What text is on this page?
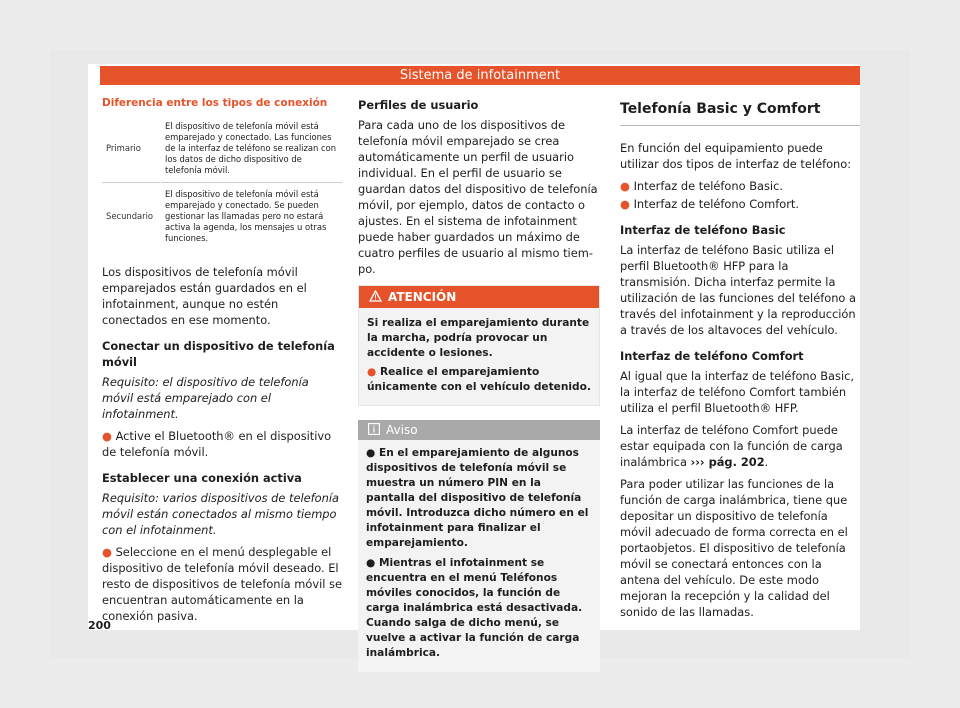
Sistema de infotainment
Diferencia entre los tipos de conexión
Primario	El dispositivo de telefonía móvil está emparejado y conectado. Las funciones de la interfaz de teléfono se realizan con los datos de dicho dispositivo de telefonía móvil.
Secundario	El dispositivo de telefonía móvil está emparejado y conectado. Se pueden gestionar las llamadas pero no estará activa la agenda, los mensajes u otras funciones.

Los dispositivos de telefonía móvil emparejados están guardados en el infotainment, aunque no estén conectados en ese momento.

Conectar un dispositivo de telefonía móvil

Requisito: el dispositivo de telefonía móvil está emparejado con el infotainment.

● Active el Bluetooth® en el dispositivo de telefonía móvil.

Establecer una conexión activa

Requisito: varios dispositivos de telefonía móvil están conectados al mismo tiempo con el infotainment.

● Seleccione en el menú desplegable el dispositivo de telefonía móvil deseado. El resto de dispositivos de telefonía móvil se encuentran automáticamente en la conexión pasiva.

Perfiles de usuario

Para cada uno de los dispositivos de telefonía móvil emparejado se crea automáticamente un perfil de usuario individual. En el perfil de usuario se guardan datos del dispositivo de telefonía móvil, por ejemplo, datos de contacto o ajustes. En el sistema de infotainment puede haber guardados un máximo de cuatro perfiles de usuario al mismo tiempo.

ATENCIÓN

Si realiza el emparejamiento durante la marcha, podría provocar un accidente o lesiones.

● Realice el emparejamiento únicamente con el vehículo detenido.

Aviso

● En el emparejamiento de algunos dispositivos de telefonía móvil se muestra un número PIN en la pantalla del dispositivo de telefonía móvil. Introduzca dicho número en el infotainment para finalizar el emparejamiento.

● Mientras el infotainment se encuentra en el menú Teléfonos móviles conocidos, la función de carga inalámbrica está desactivada. Cuando salga de dicho menú, se vuelve a activar la función de carga inalámbrica.

Telefonía Basic y Comfort

En función del equipamiento puede utilizar dos tipos de interfaz de teléfono:

● Interfaz de teléfono Basic.

● Interfaz de teléfono Comfort.

Interfaz de teléfono Basic

La interfaz de teléfono Basic utiliza el perfil Bluetooth® HFP para la transmisión. Dicha interfaz permite la utilización de las funciones del teléfono a través del infotainment y la reproducción a través de los altavoces del vehículo.

Interfaz de teléfono Comfort

Al igual que la interfaz de teléfono Basic, la interfaz de teléfono Comfort también utiliza el perfil Bluetooth® HFP.

La interfaz de teléfono Comfort puede estar equipada con la función de carga inalámbrica ››› pág. 202.

Para poder utilizar las funciones de la función de carga inalámbrica, tiene que depositar un dispositivo de telefonía móvil adecuado de forma correcta en el portaobjetos. El dispositivo de telefonía móvil se conectará entonces con la antena del vehículo. De este modo mejoran la recepción y la calidad del sonido de las llamadas.

200
